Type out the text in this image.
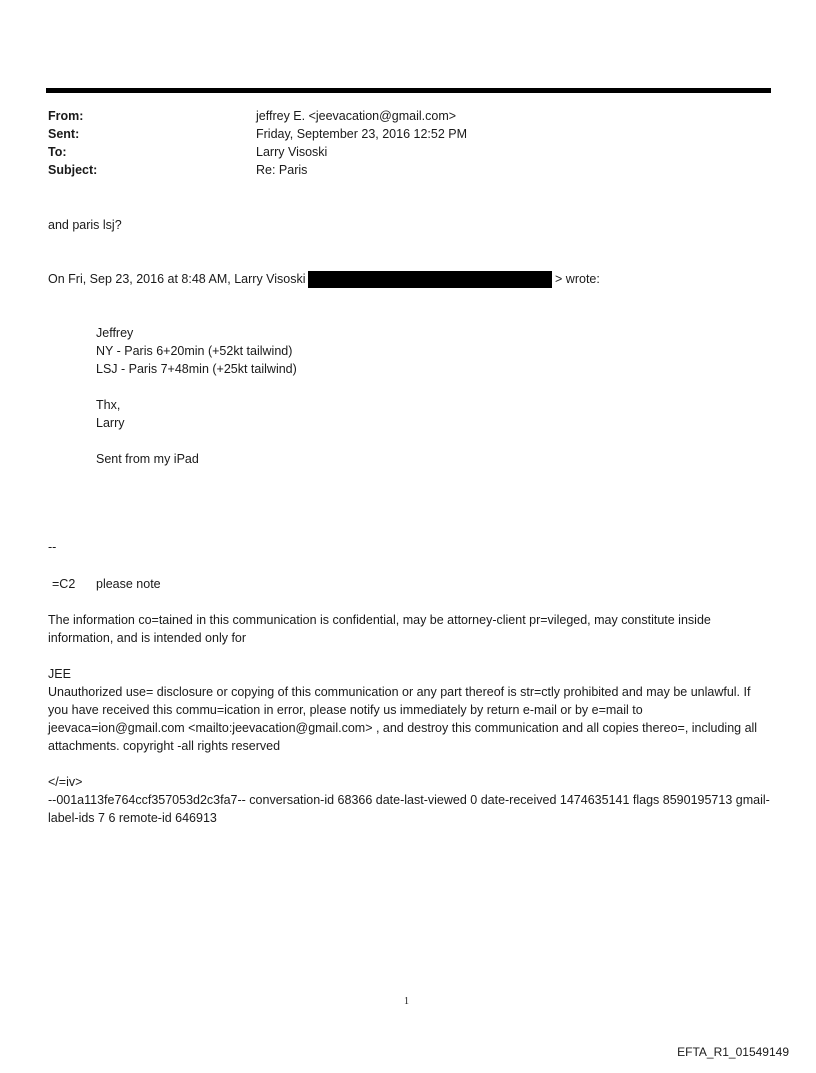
From:	jeffrey E. <jeevacation@gmail.com>
Sent:	Friday, September 23, 2016 12:52 PM
To:	Larry Visoski
Subject:	Re: Paris
and paris lsj?
On Fri, Sep 23, 2016 at 8:48 AM, Larry Visoski	> wrote:
Jeffrey
NY - Paris 6+20min (+52kt tailwind)
LSJ - Paris 7+48min (+25kt tailwind)
Thx,
Larry
Sent from my iPad
--
=C2 please note
The information co=tained in this communication is confidential, may be attorney-client pr=vileged, may constitute inside information, and is intended only for
JEE
Unauthorized use= disclosure or copying of this communication or any part thereof is str=ctly prohibited and may be unlawful. If you have received this commu=ication in error, please notify us immediately by return e-mail or by e=mail to jeevaca=ion@gmail.com <mailto:jeevacation@gmail.com> , and destroy this communication and all copies thereo=, including all attachments. copyright -all rights reserved
</=iv>
--001a113fe764ccf357053d2c3fa7-- conversation-id 68366 date-last-viewed 0 date-received 1474635141 flags 8590195713 gmail-label-ids 7 6 remote-id 646913
1
EFTA_R1_01549149
